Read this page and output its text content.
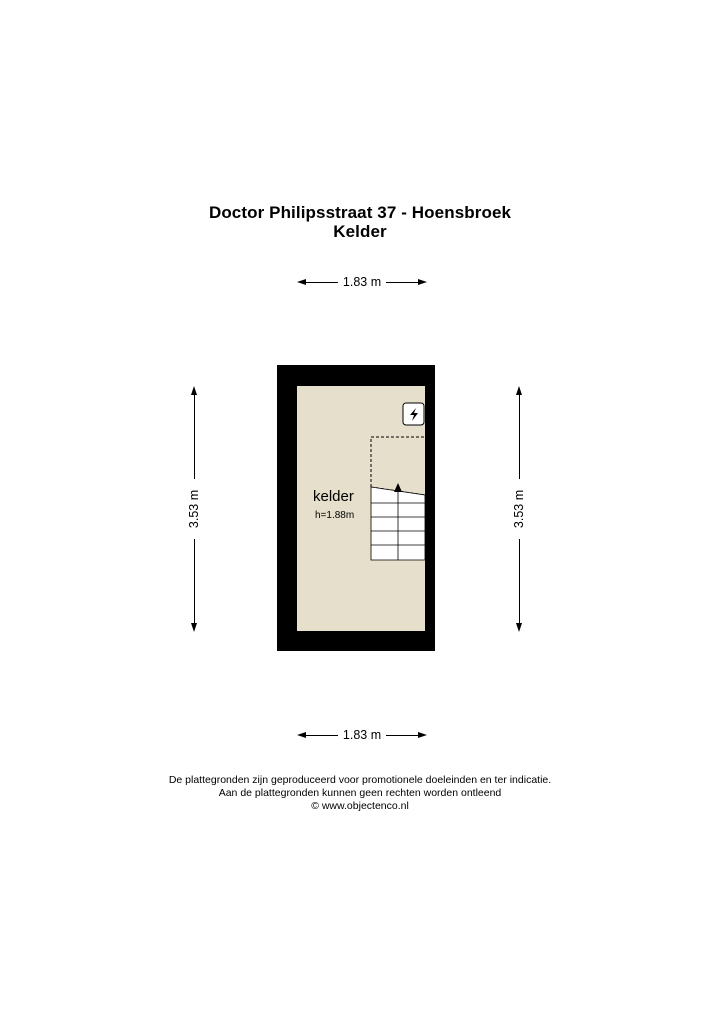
Doctor Philipsstraat 37 - Hoensbroek
Kelder
1.83 m
3.53 m	3.53 m
kelder
h=1.88m
1.83 m
De plattegronden zijn geproduceerd voor promotionele doeleinden en ter indicatie.
Aan de plattegronden kunnen geen rechten worden ontleend
© www.objectenco.nl
